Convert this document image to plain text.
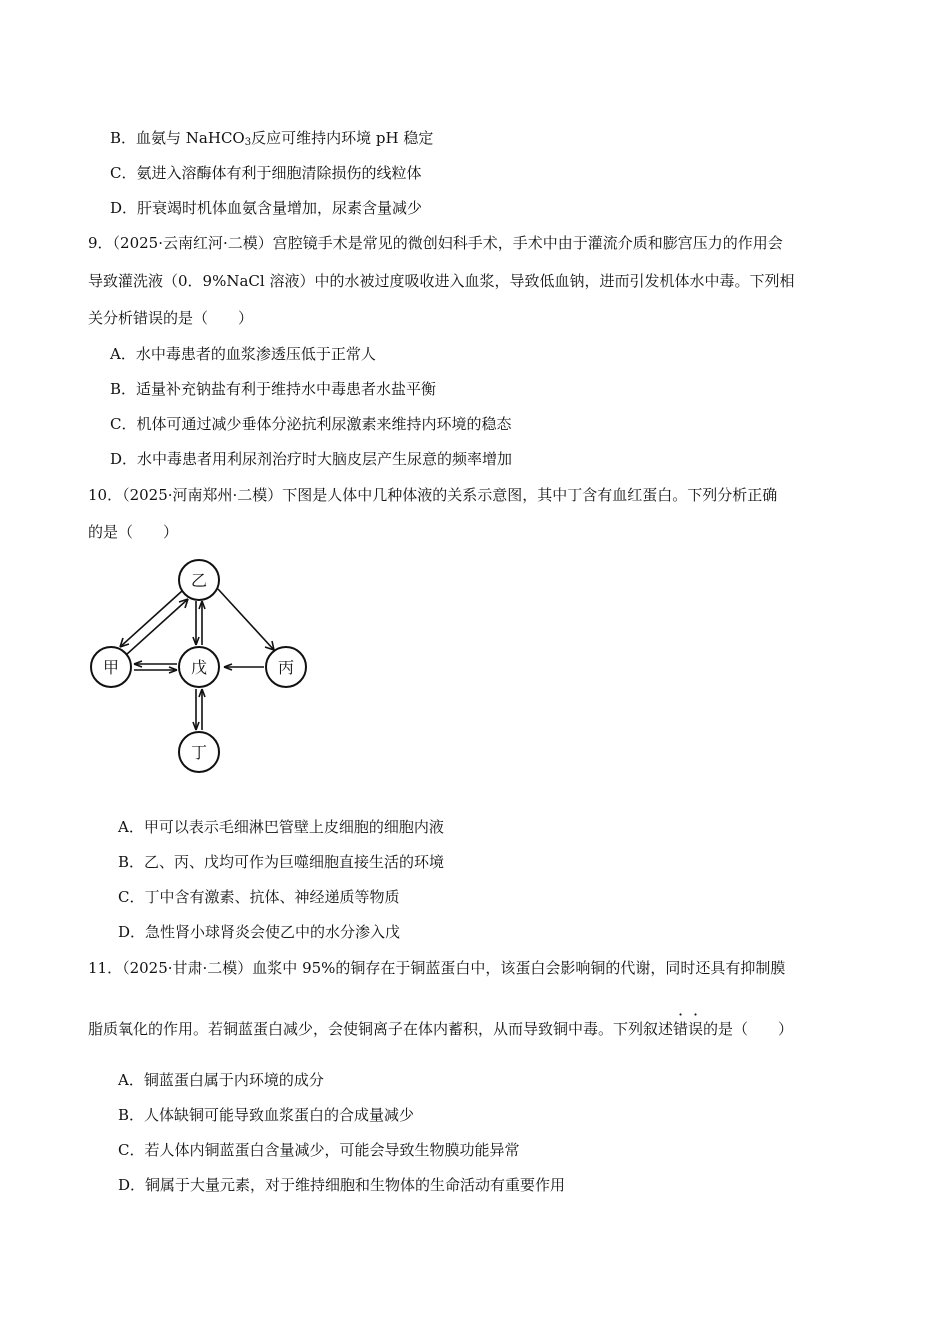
B．血氨与 NaHCO$_3$反应可维持内环境 pH 稳定
C．氨进入溶酶体有利于细胞清除损伤的线粒体
D．肝衰竭时机体血氨含量增加，尿素含量减少
9．（2025·云南红河·二模）宫腔镜手术是常见的微创妇科手术，手术中由于灌流介质和膨宫压力的作用会
导致灌洗液（0．9%NaCl 溶液）中的水被过度吸收进入血浆，导致低血钠，进而引发机体水中毒。下列相
关分析错误的是（　　）
A．水中毒患者的血浆渗透压低于正常人
B．适量补充钠盐有利于维持水中毒患者水盐平衡
C．机体可通过减少垂体分泌抗利尿激素来维持内环境的稳态
D．水中毒患者用利尿剂治疗时大脑皮层产生尿意的频率增加
10．（2025·河南郑州·二模）下图是人体中几种体液的关系示意图，其中丁含有血红蛋白。下列分析正确
的是（　　）
乙
甲	戊	丙
丁
A．甲可以表示毛细淋巴管壁上皮细胞的细胞内液
B．乙、丙、戊均可作为巨噬细胞直接生活的环境
C．丁中含有激素、抗体、神经递质等物质
D．急性肾小球肾炎会使乙中的水分渗入戊
11．（2025·甘肃·二模）血浆中 95%的铜存在于铜蓝蛋白中，该蛋白会影响铜的代谢，同时还具有抑制膜
脂质氧化的作用。若铜蓝蛋白减少，会使铜离子在体内蓄积，从而导致铜中毒。下列叙述错误的是（　　）
A．铜蓝蛋白属于内环境的成分
B．人体缺铜可能导致血浆蛋白的合成量减少
C．若人体内铜蓝蛋白含量减少，可能会导致生物膜功能异常
D．铜属于大量元素，对于维持细胞和生物体的生命活动有重要作用
